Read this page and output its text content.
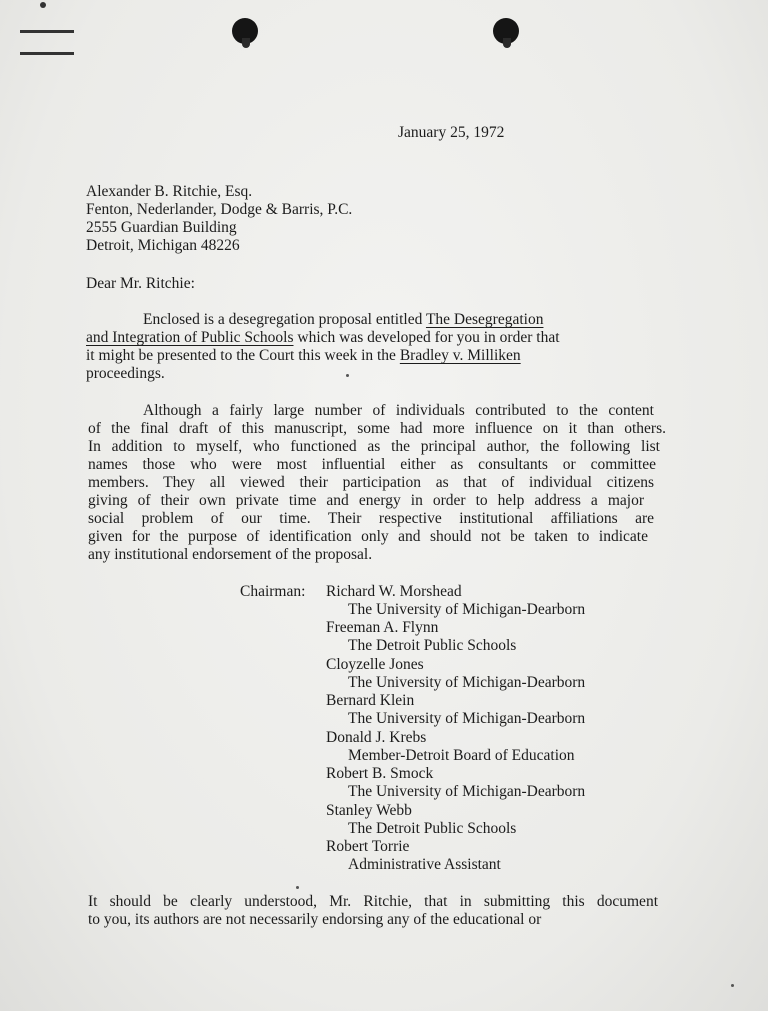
January 25, 1972

Alexander B. Ritchie, Esq.

Fenton, Nederlander, Dodge & Barris, P.C.

2555 Guardian Building

Detroit, Michigan 48226

Dear Mr. Ritchie:

Enclosed is a desegregation proposal entitled The Desegregation

and Integration of Public Schools which was developed for you in order that

it might be presented to the Court this week in the Bradley v. Milliken

proceedings.

Although a fairly large number of individuals contributed to the content

of the final draft of this manuscript, some had more influence on it than others.

In addition to myself, who functioned as the principal author, the following list

names those who were most influential either as consultants or committee

members. They all viewed their participation as that of individual citizens

giving of their own private time and energy in order to help address a major

social problem of our time. Their respective institutional affiliations are

given for the purpose of identification only and should not be taken to indicate

any institutional endorsement of the proposal.

Chairman: Richard W. Morshead

The University of Michigan-Dearborn

Freeman A. Flynn

The Detroit Public Schools

Cloyzelle Jones

The University of Michigan-Dearborn

Bernard Klein

The University of Michigan-Dearborn

Donald J. Krebs

Member-Detroit Board of Education

Robert B. Smock

The University of Michigan-Dearborn

Stanley Webb

The Detroit Public Schools

Robert Torrie

Administrative Assistant

It should be clearly understood, Mr. Ritchie, that in submitting this document

to you, its authors are not necessarily endorsing any of the educational or
